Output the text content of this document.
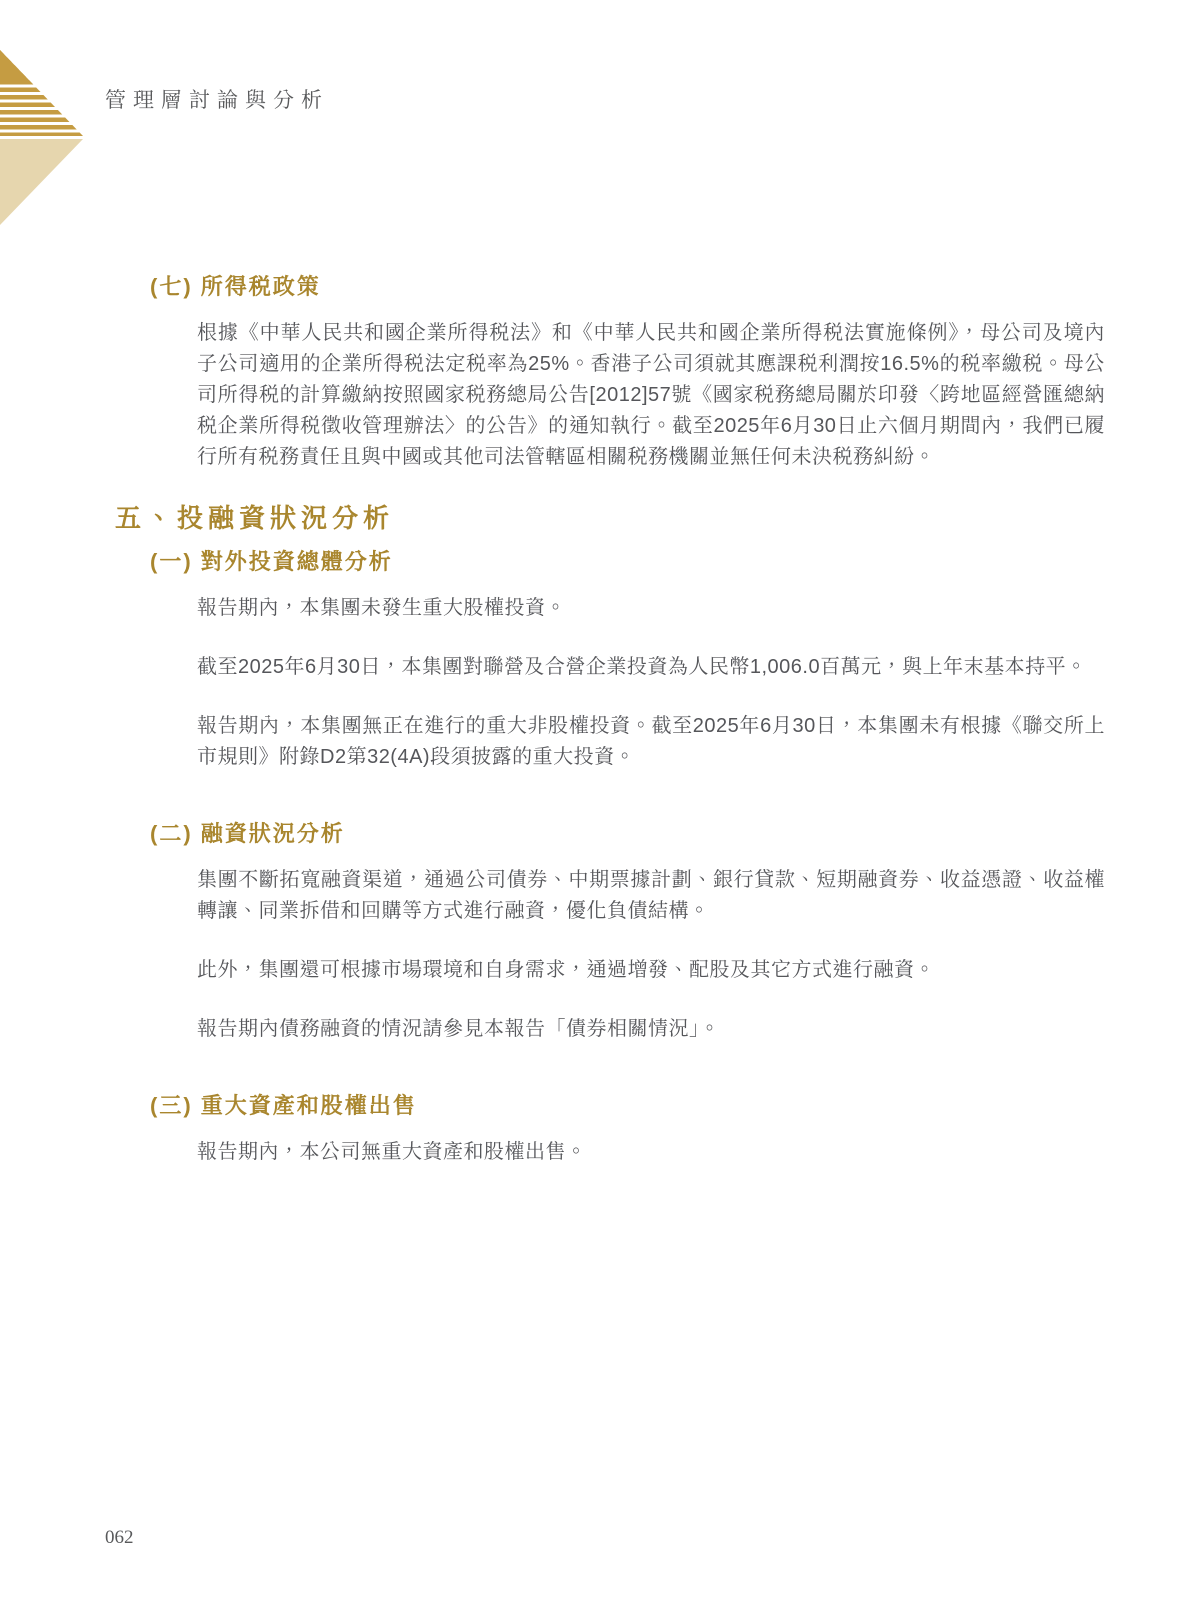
管理層討論與分析
(七) 所得税政策

根據《中華人民共和國企業所得税法》和《中華人民共和國企業所得税法實施條例》，母公司及境內子公司適用的企業所得税法定税率為25%。香港子公司須就其應課税利潤按16.5%的税率繳税。母公司所得税的計算繳納按照國家税務總局公告[2012]57號《國家税務總局關於印發〈跨地區經營匯總納税企業所得税徵收管理辦法〉的公告》的通知執行。截至2025年6月30日止六個月期間內，我們已履行所有税務責任且與中國或其他司法管轄區相關税務機關並無任何未決税務糾紛。

五、投融資狀況分析
(一) 對外投資總體分析

報告期內，本集團未發生重大股權投資。

截至2025年6月30日，本集團對聯營及合營企業投資為人民幣1,006.0百萬元，與上年末基本持平。

報告期內，本集團無正在進行的重大非股權投資。截至2025年6月30日，本集團未有根據《聯交所上市規則》附錄D2第32(4A)段須披露的重大投資。

(二) 融資狀況分析

集團不斷拓寬融資渠道，通過公司債券、中期票據計劃、銀行貸款、短期融資券、收益憑證、收益權轉讓、同業拆借和回購等方式進行融資，優化負債結構。

此外，集團還可根據市場環境和自身需求，通過增發、配股及其它方式進行融資。

報告期內債務融資的情況請參見本報告「債券相關情況」。

(三) 重大資產和股權出售

報告期內，本公司無重大資產和股權出售。

062
